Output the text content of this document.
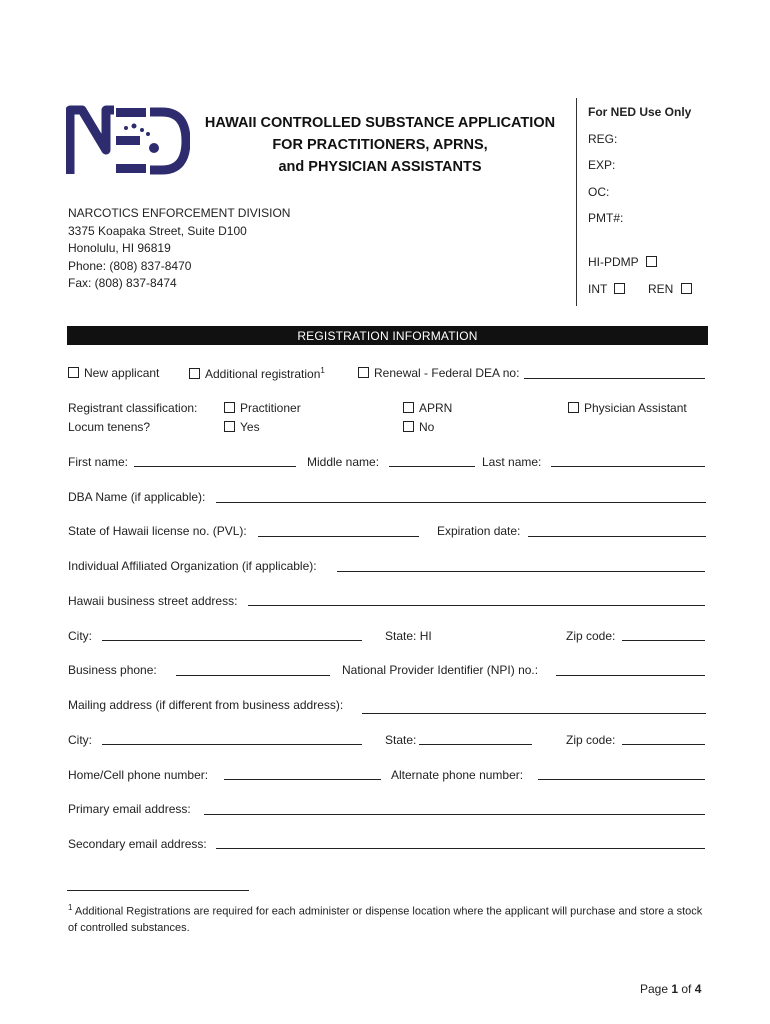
HAWAII CONTROLLED SUBSTANCE APPLICATION
FOR PRACTITIONERS, APRNS,
and PHYSICIAN ASSISTANTS
NARCOTICS ENFORCEMENT DIVISION
3375 Koapaka Street, Suite D100
Honolulu, HI 96819
Phone: (808) 837-8470
Fax: (808) 837-8474
For NED Use Only
REG:
EXP:
OC:
PMT#:
HI-PDMP
INT	REN
REGISTRATION INFORMATION
New applicant	Additional registration$^1$	Renewal - Federal DEA no:
Registrant classification:	Practitioner	APRN	Physician Assistant
Locum tenens?	Yes	No
First name:	Middle name:	Last name:
DBA Name (if applicable):
State of Hawaii license no. (PVL):	Expiration date:
Individual Affiliated Organization (if applicable):
Hawaii business street address:
City:	State: HI	Zip code:
Business phone:	National Provider Identifier (NPI) no.:
Mailing address (if different from business address):
City:	State:	Zip code:
Home/Cell phone number:	Alternate phone number:
Primary email address:
Secondary email address:
$^1$ Additional Registrations are required for each administer or dispense location where the applicant will purchase and store a stock of controlled substances.
Page 1 of 4
